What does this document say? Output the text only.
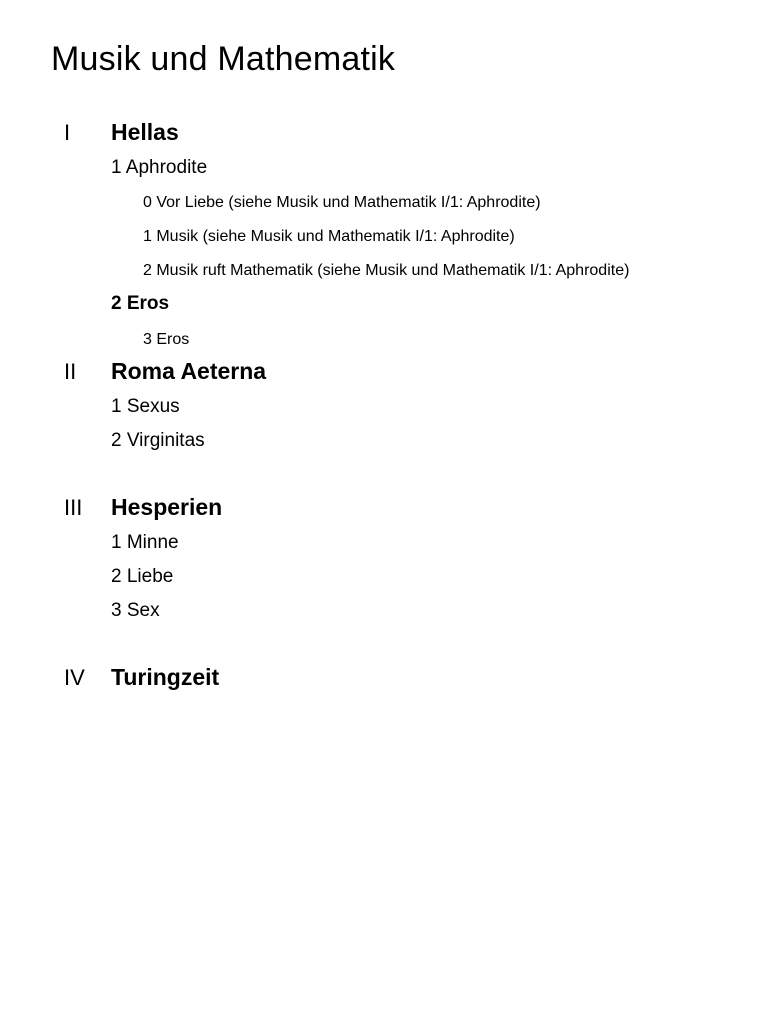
Musik und Mathematik
I Hellas
1 Aphrodite
0 Vor Liebe (siehe Musik und Mathematik I/1: Aphrodite)
1 Musik (siehe Musik und Mathematik I/1: Aphrodite)
2 Musik ruft Mathematik (siehe Musik und Mathematik I/1: Aphrodite)
2 Eros
3 Eros
II Roma Aeterna
1 Sexus
2 Virginitas
III Hesperien
1 Minne
2 Liebe
3 Sex
IV Turingzeit
